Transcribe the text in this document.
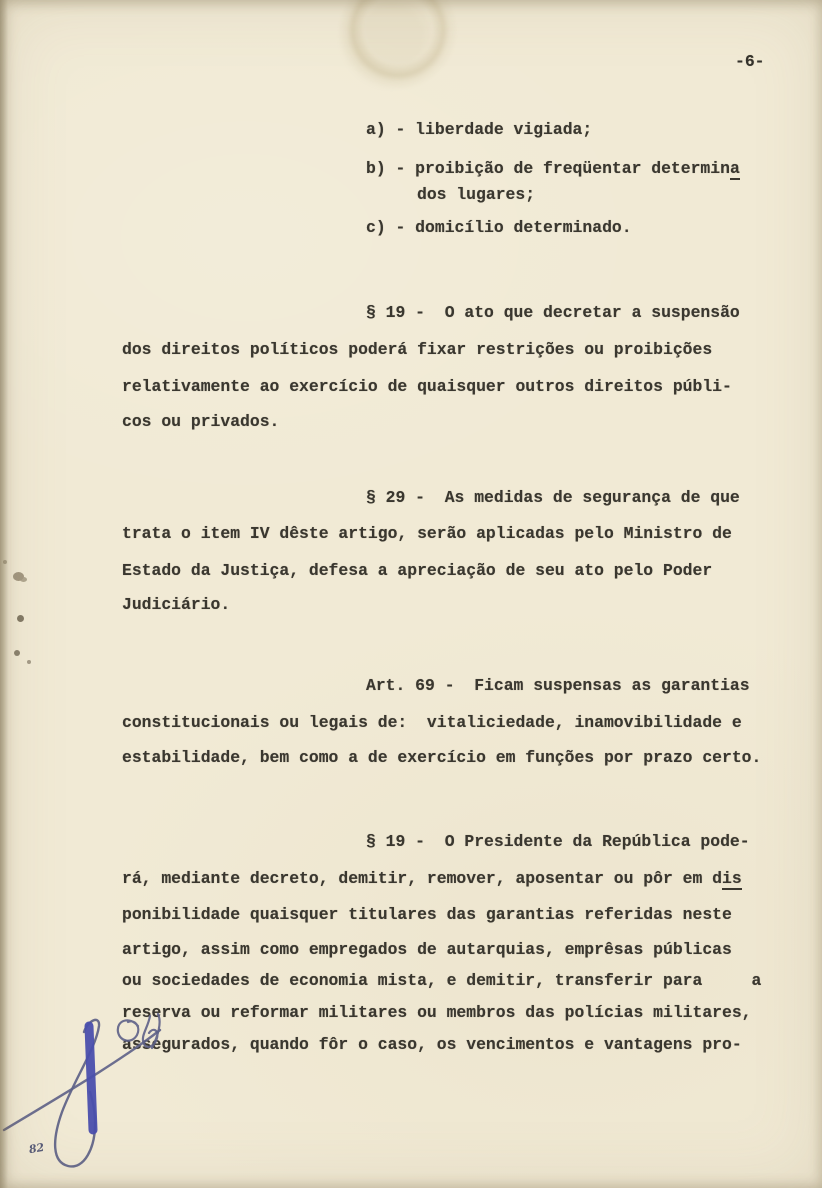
-6-
a) - liberdade vigiada;
b) - proibição de freqüentar determina
dos lugares;
c) - domicílio determinado.
§ 19 -  O ato que decretar a suspensão
dos direitos políticos poderá fixar restrições ou proibições
relativamente ao exercício de quaisquer outros direitos públi-
cos ou privados.
§ 29 -  As medidas de segurança de que
trata o item IV dêste artigo, serão aplicadas pelo Ministro de
Estado da Justiça, defesa a apreciação de seu ato pelo Poder
Judiciário.
Art. 69 -  Ficam suspensas as garantias
constitucionais ou legais de:  vitaliciedade, inamovibilidade e
estabilidade, bem como a de exercício em funções por prazo certo.
§ 19 -  O Presidente da República pode-
rá, mediante decreto, demitir, remover, aposentar ou pôr em dis
ponibilidade quaisquer titulares das garantias referidas neste
artigo, assim como empregados de autarquias, emprêsas públicas
ou sociedades de economia mista, e demitir, transferir para     a
reserva ou reformar militares ou membros das polícias militares,
assegurados, quando fôr o caso, os vencimentos e vantagens pro-
82
